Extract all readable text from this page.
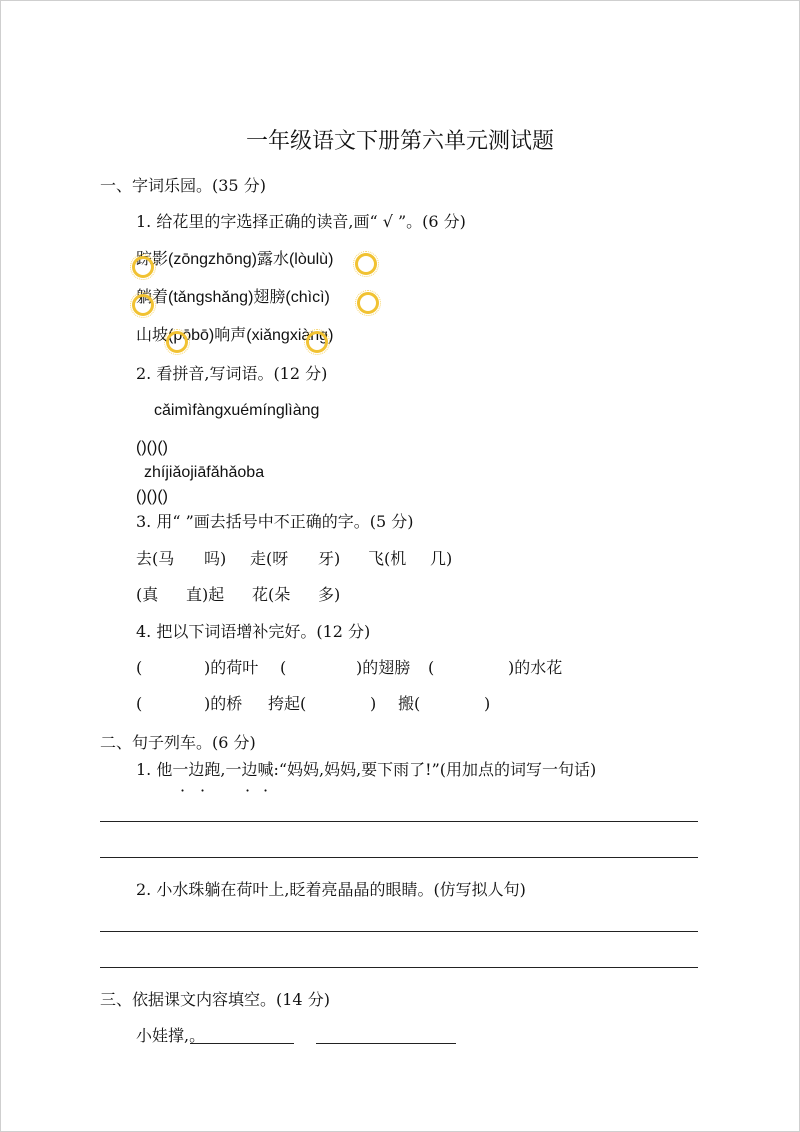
一年级语文下册第六单元测试题
一、字词乐园。(35 分)
1. 给花里的字选择正确的读音,画“ √ ”。(6 分)
踪影(zōngzhōng)露水(lòulù)
躺着(tǎngshǎng)翅膀(chìcì)
山坡(pōbō)响声(xiǎngxiàng)
2. 看拼音,写词语。(12 分)
cǎimìfàngxuémínglìàng
()()()
zhíjiǎojiāfǎhǎoba
()()()
3. 用“ ”画去括号中不正确的字。(5 分)
去(马 吗) 走(呀 牙) 飞(机 几)
(真 直)起 花(朵 多)
4. 把以下词语增补完好。(12 分)
(	)的荷叶 (	)的翅膀 (	)的水花
(	)的桥 挎起(	) 搬(	)
二、句子列车。(6 分)
1. 他一边跑,一边喊:“妈妈,妈妈,要下雨了!”(用加点的词写一句话)
· · · ·
2. 小水珠躺在荷叶上,眨着亮晶晶的眼睛。(仿写拟人句)
三、依据课文内容填空。(14 分)
小娃撑,。
